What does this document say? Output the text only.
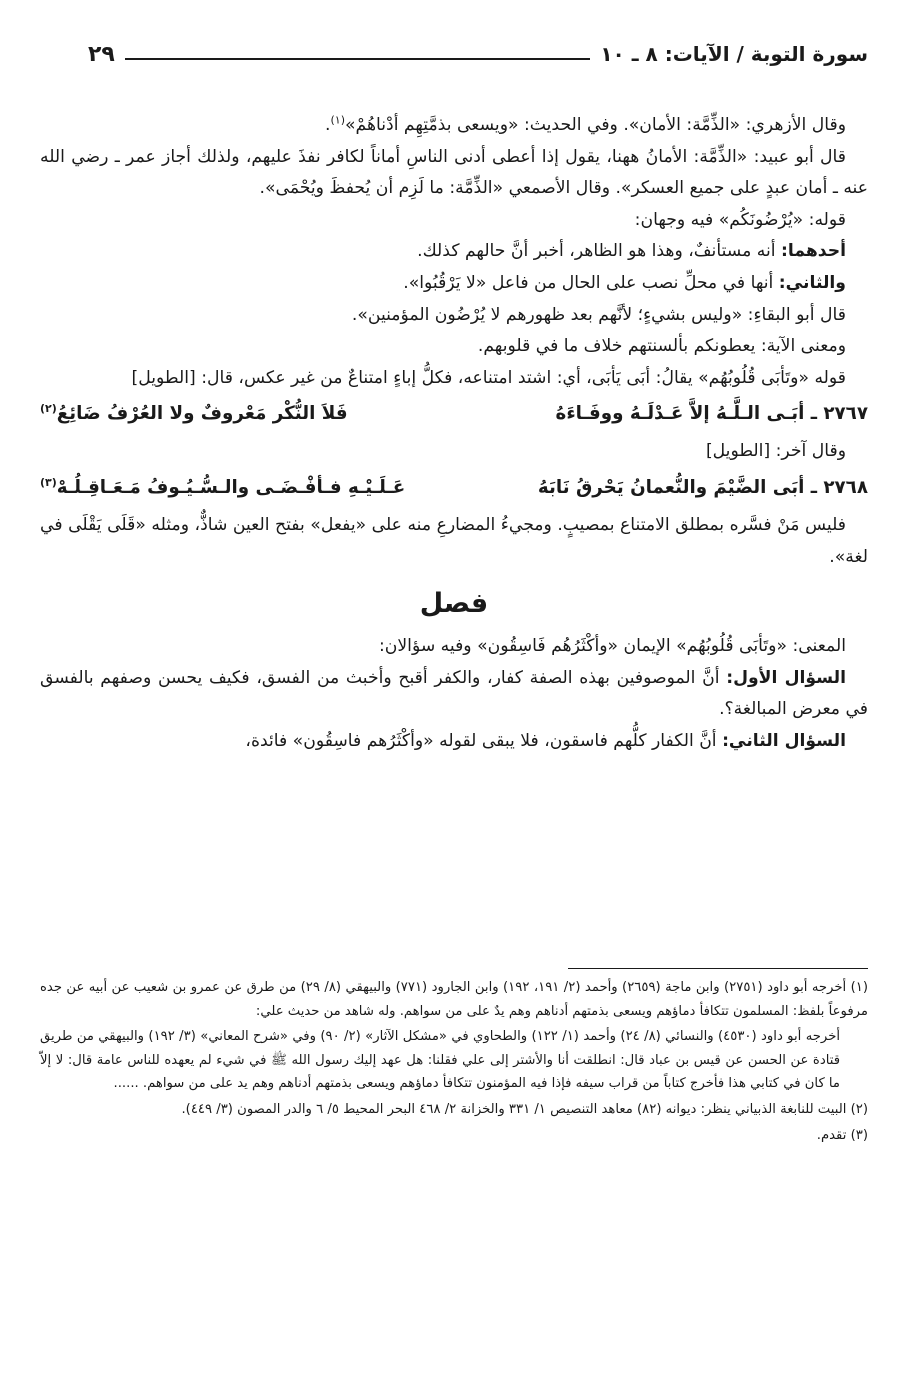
سورة التوبة / الآيات: ٨ ـ ١٠
٢٩

وقال الأزهري: «الذِّمَّة: الأمان». وفي الحديث: «ويسعى بذمَّتِهِم أدْناهُمْ»$^{(١)}$.

قال أبو عبيد: «الذِّمَّة: الأمانُ ههنا، يقول إذا أعطى أدنى الناسِ أماناً لكافر نفذَ عليهم، ولذلك أجاز عمر ـ رضي الله عنه ـ أمان عبدٍ على جميع العسكر». وقال الأصمعي «الذِّمَّة: ما لَزِم أن يُحفظَ ويُحْمَى».

قوله: «يُرْضُونَكُم» فيه وجهان:

أحدهما: أنه مستأنفٌ، وهذا هو الظاهر، أخبر أنَّ حالهم كذلك.

والثاني: أنها في محلِّ نصب على الحال من فاعل «لا يَرْقُبُوا».

قال أبو البقاءِ: «وليس بشيءٍ؛ لأنَّهم بعد ظهورهم لا يُرْضُون المؤمنين».

ومعنى الآية: يعطونكم بألسنتهم خلاف ما في قلوبهم.

قوله «وتَأبَى قُلُوبُهُم» يقالُ: أبَى يَأبَى، أي: اشتد امتناعه، فكلُّ إباءٍ امتناعٌ من غير عكس، قال: [الطويل]

٢٧٦٧ ـ أبَـى الـلَّـهُ إلاَّ عَـدْلَـهُ ووفَـاءَهُ
فَلاَ النُّكْر مَعْروفٌ ولا العُرْفُ ضَائِعُ$^{(٢)}$

وقال آخر: [الطويل]

٢٧٦٨ ـ أبَى الضَّيْمَ والنُّعمانُ يَحْرقُ نَابَهُ
عَـلَـيْـهِ فـأفْـضَـى والـسُّـيُـوفُ مَـعَـاقِـلُـهْ$^{(٣)}$

فليس مَنْ فسَّره بمطلق الامتناع بمصيبٍ. ومجيءُ المضارعِ منه على «يفعل» بفتح العين شاذٌّ، ومثله «قَلَى يَقْلَى في لغة».

فصل

المعنى: «وتَأبَى قُلُوبُهُم» الإيمان «وأكْثَرُهُم فَاسِقُون» وفيه سؤالان:

السؤال الأول: أنَّ الموصوفين بهذه الصفة كفار، والكفر أقبح وأخبث من الفسق، فكيف يحسن وصفهم بالفسق في معرض المبالغة؟.

السؤال الثاني: أنَّ الكفار كلُّهم فاسقون، فلا يبقى لقوله «وأكْثَرُهم فاسِقُون» فائدة،

(١) أخرجه أبو داود (٢٧٥١) وابن ماجة (٢٦٥٩) وأحمد (٢/ ١٩١، ١٩٢) وابن الجارود (٧٧١) والبيهقي (٨/ ٢٩) من طرق عن عمرو بن شعيب عن أبيه عن جده مرفوعاً بلفظ: المسلمون تتكافأ دماؤهم ويسعى بذمتهم أدناهم وهم يدٌ على من سواهم. وله شاهد من حديث علي:

أخرجه أبو داود (٤٥٣٠) والنسائي (٨/ ٢٤) وأحمد (١/ ١٢٢) والطحاوي في «مشكل الآثار» (٢/ ٩٠) وفي «شرح المعاني» (٣/ ١٩٢) والبيهقي من طريق قتادة عن الحسن عن قيس بن عباد قال: انطلقت أنا والأشتر إلى علي فقلنا: هل عهد إليك رسول الله ﷺ في شيء لم يعهده للناس عامة قال: لا إلاّ ما كان في كتابي هذا فأخرج كتاباً من قراب سيفه فإذا فيه المؤمنون تتكافأ دماؤهم ويسعى بذمتهم أدناهم وهم يد على من سواهم. ......

(٢) البيت للنابغة الذبياني ينظر: ديوانه (٨٢) معاهد التنصيص ١/ ٣٣١ والخزانة ٢/ ٤٦٨ البحر المحيط ٥/ ٦ والدر المصون (٣/ ٤٤٩).

(٣) تقدم.
